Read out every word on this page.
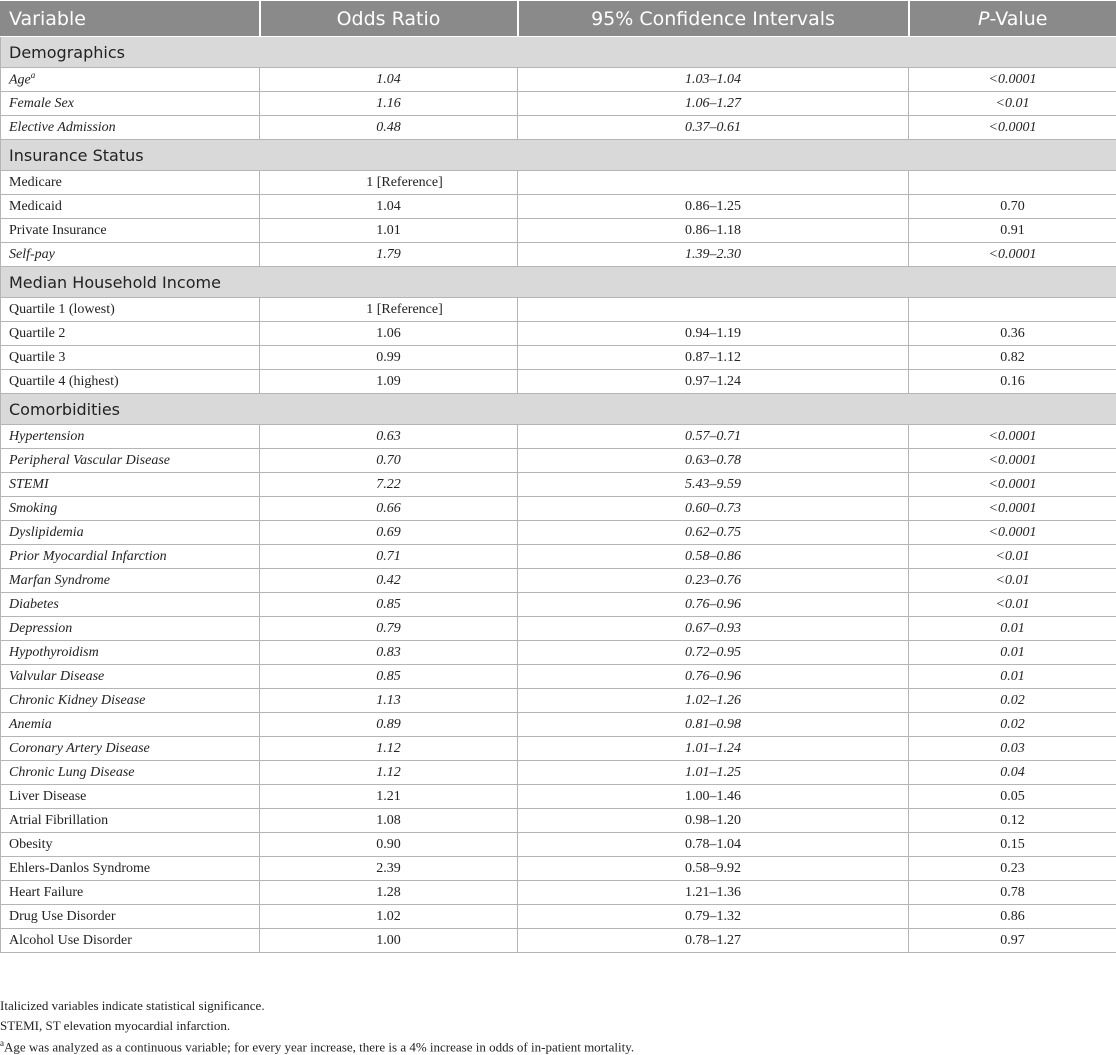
Variable	Odds Ratio	95% Confidence Intervals	P-Value
Demographics			
Age$^a$	1.04	1.03–1.04	<0.0001
Female Sex	1.16	1.06–1.27	<0.01
Elective Admission	0.48	0.37–0.61	<0.0001
Insurance Status			
Medicare	1 [Reference]		
Medicaid	1.04	0.86–1.25	0.70
Private Insurance	1.01	0.86–1.18	0.91
Self-pay	1.79	1.39–2.30	<0.0001
Median Household Income			
Quartile 1 (lowest)	1 [Reference]		
Quartile 2	1.06	0.94–1.19	0.36
Quartile 3	0.99	0.87–1.12	0.82
Quartile 4 (highest)	1.09	0.97–1.24	0.16
Comorbidities			
Hypertension	0.63	0.57–0.71	<0.0001
Peripheral Vascular Disease	0.70	0.63–0.78	<0.0001
STEMI	7.22	5.43–9.59	<0.0001
Smoking	0.66	0.60–0.73	<0.0001
Dyslipidemia	0.69	0.62–0.75	<0.0001
Prior Myocardial Infarction	0.71	0.58–0.86	<0.01
Marfan Syndrome	0.42	0.23–0.76	<0.01
Diabetes	0.85	0.76–0.96	<0.01
Depression	0.79	0.67–0.93	0.01
Hypothyroidism	0.83	0.72–0.95	0.01
Valvular Disease	0.85	0.76–0.96	0.01
Chronic Kidney Disease	1.13	1.02–1.26	0.02
Anemia	0.89	0.81–0.98	0.02
Coronary Artery Disease	1.12	1.01–1.24	0.03
Chronic Lung Disease	1.12	1.01–1.25	0.04
Liver Disease	1.21	1.00–1.46	0.05
Atrial Fibrillation	1.08	0.98–1.20	0.12
Obesity	0.90	0.78–1.04	0.15
Ehlers-Danlos Syndrome	2.39	0.58–9.92	0.23
Heart Failure	1.28	1.21–1.36	0.78
Drug Use Disorder	1.02	0.79–1.32	0.86
Alcohol Use Disorder	1.00	0.78–1.27	0.97
Italicized variables indicate statistical significance.
STEMI, ST elevation myocardial infarction.
$^a$Age was analyzed as a continuous variable; for every year increase, there is a 4% increase in odds of in-patient mortality.
